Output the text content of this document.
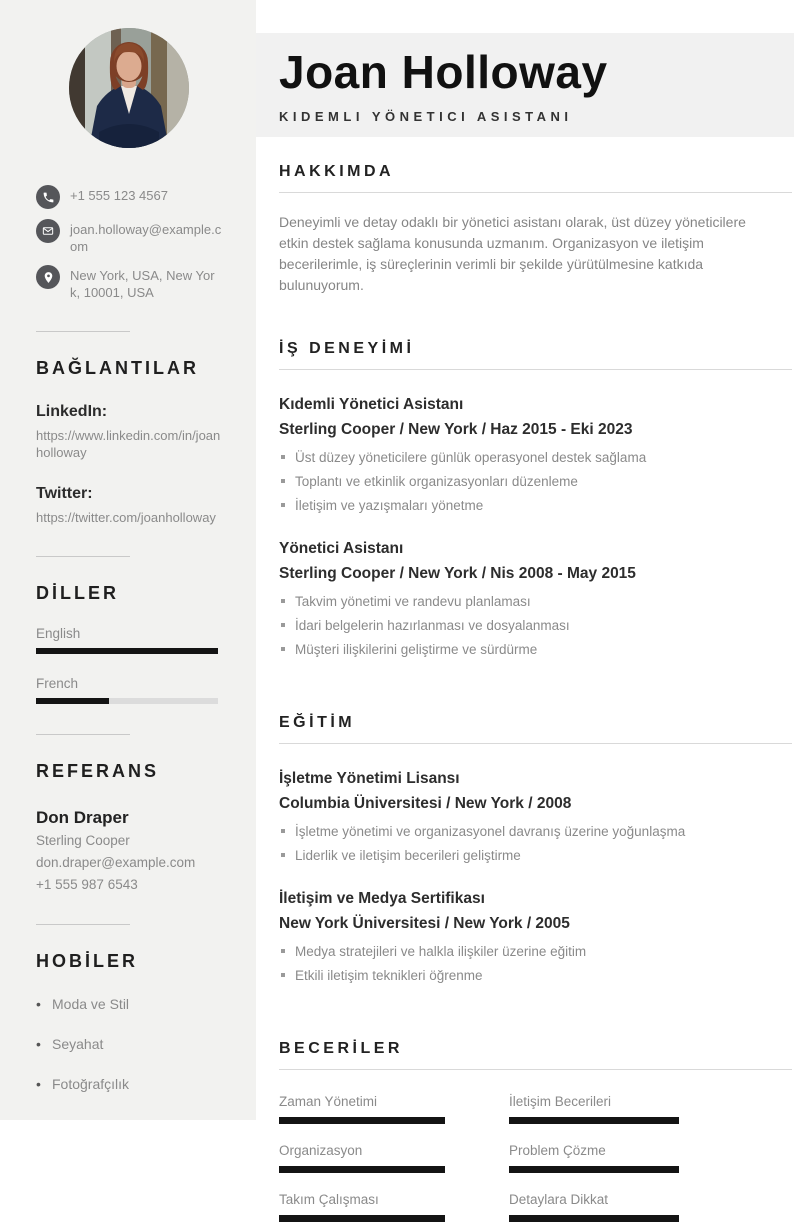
+1 555 123 4567
joan.holloway@example.com
New York, USA, New York, 10001, USA
BAĞLANTILAR
LinkedIn:
https://www.linkedin.com/in/joanholloway
Twitter:
https://twitter.com/joanholloway
DİLLER
English
French
REFERANS
Don Draper
Sterling Cooper
don.draper@example.com
+1 555 987 6543
HOBİLER
• Moda ve Stil
• Seyahat
• Fotoğrafçılık
Joan Holloway
KIDEMLI YÖNETICI ASISTANI
HAKKIMDA
Deneyimli ve detay odaklı bir yönetici asistanı olarak, üst düzey yöneticilere etkin destek sağlama konusunda uzmanım. Organizasyon ve iletişim becerilerimle, iş süreçlerinin verimli bir şekilde yürütülmesine katkıda bulunuyorum.
İŞ DENEYİMİ
Kıdemli Yönetici Asistanı
Sterling Cooper / New York / Haz 2015 - Eki 2023
Üst düzey yöneticilere günlük operasyonel destek sağlama
Toplantı ve etkinlik organizasyonları düzenleme
İletişim ve yazışmaları yönetme
Yönetici Asistanı
Sterling Cooper / New York / Nis 2008 - May 2015
Takvim yönetimi ve randevu planlaması
İdari belgelerin hazırlanması ve dosyalanması
Müşteri ilişkilerini geliştirme ve sürdürme
EĞİTİM
İşletme Yönetimi Lisansı
Columbia Üniversitesi / New York / 2008
İşletme yönetimi ve organizasyonel davranış üzerine yoğunlaşma
Liderlik ve iletişim becerileri geliştirme
İletişim ve Medya Sertifikası
New York Üniversitesi / New York / 2005
Medya stratejileri ve halkla ilişkiler üzerine eğitim
Etkili iletişim teknikleri öğrenme
BECERİLER
Zaman Yönetimi	İletişim Becerileri
Organizasyon	Problem Çözme
Takım Çalışması	Detaylara Dikkat
